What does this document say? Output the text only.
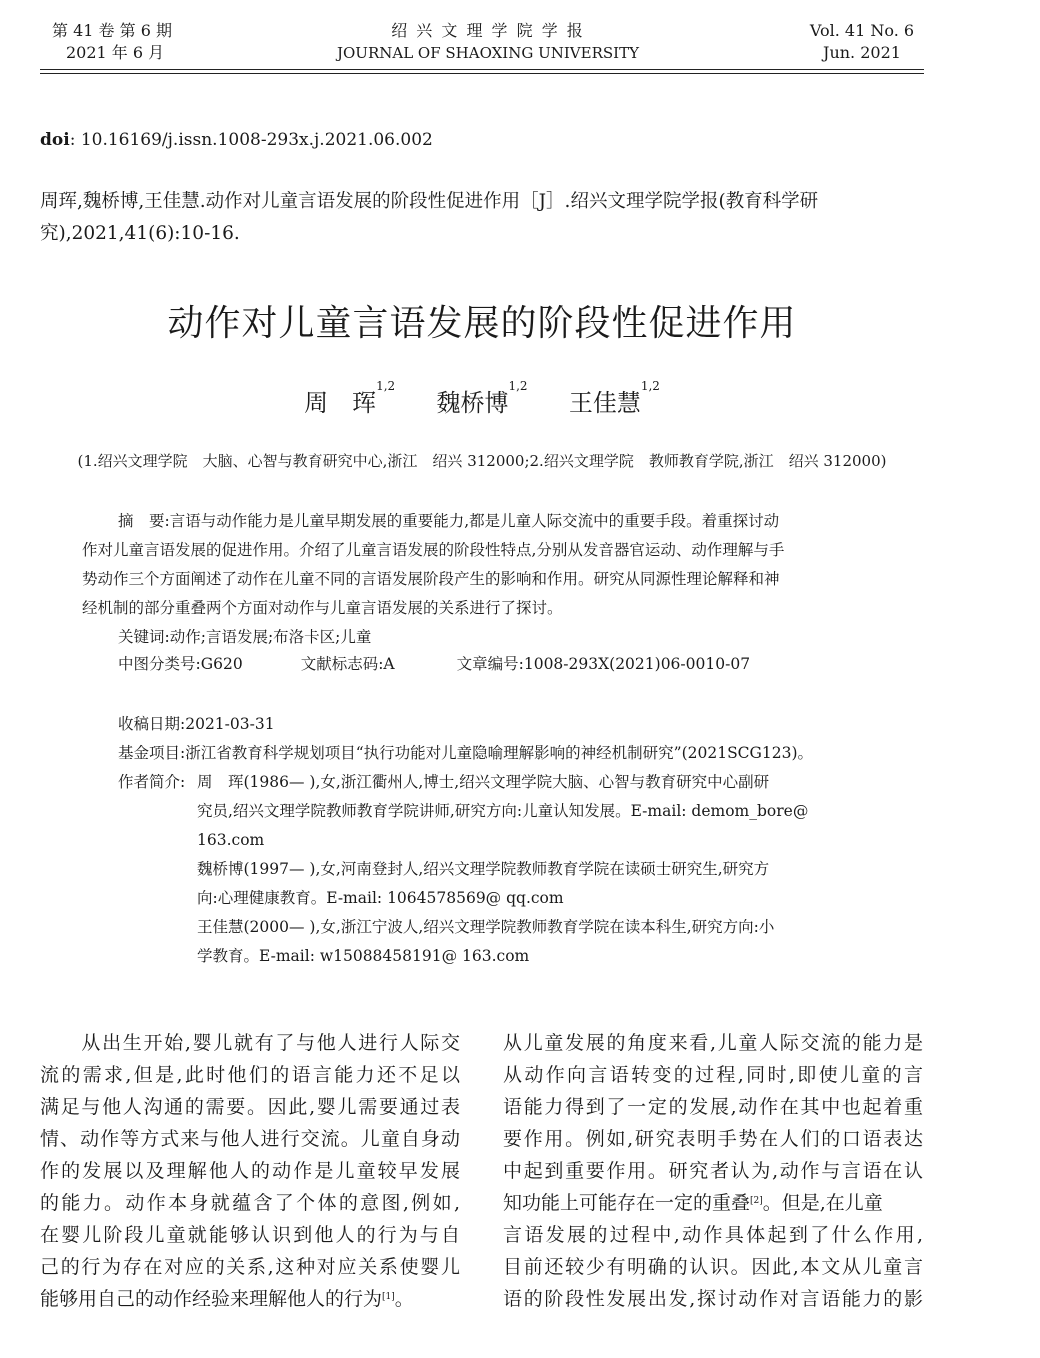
第 41 卷 第 6 期
2021 年 6 月
绍 兴 文 理 学 院 学 报
JOURNAL OF SHAOXING UNIVERSITY
Vol. 41 No. 6
Jun. 2021
doi: 10.16169/j.issn.1008-293x.j.2021.06.002
周珲,魏桥博,王佳慧.动作对儿童言语发展的阶段性促进作用［J］.绍兴文理学院学报(教育科学研
究),2021,41(6):10-16.
动作对儿童言语发展的阶段性促进作用
周　珲$^{1,2}$  魏桥博$^{1,2}$  王佳慧$^{1,2}$
(1.绍兴文理学院　大脑、心智与教育研究中心,浙江　绍兴 312000;2.绍兴文理学院　教师教育学院,浙江　绍兴 312000)
摘　要:言语与动作能力是儿童早期发展的重要能力,都是儿童人际交流中的重要手段。着重探讨动
作对儿童言语发展的促进作用。介绍了儿童言语发展的阶段性特点,分别从发音器官运动、动作理解与手
势动作三个方面阐述了动作在儿童不同的言语发展阶段产生的影响和作用。研究从同源性理论解释和神
经机制的部分重叠两个方面对动作与儿童言语发展的关系进行了探讨。
关键词:动作;言语发展;布洛卡区;儿童
中图分类号:G620	文献标志码:A	文章编号:1008-293X(2021)06-0010-07
收稿日期:2021-03-31
基金项目:浙江省教育科学规划项目“执行功能对儿童隐喻理解影响的神经机制研究”(2021SCG123)。
作者简介: 周　珲(1986— ),女,浙江衢州人,博士,绍兴文理学院大脑、心智与教育研究中心副研
究员,绍兴文理学院教师教育学院讲师,研究方向:儿童认知发展。E-mail: demom_bore@
163.com
魏桥博(1997— ),女,河南登封人,绍兴文理学院教师教育学院在读硕士研究生,研究方
向:心理健康教育。E-mail: 1064578569@ qq.com
王佳慧(2000— ),女,浙江宁波人,绍兴文理学院教师教育学院在读本科生,研究方向:小
学教育。E-mail: w15088458191@ 163.com
　　从出生开始,婴儿就有了与他人进行人际交
流的需求,但是,此时他们的语言能力还不足以
满足与他人沟通的需要。因此,婴儿需要通过表
情、动作等方式来与他人进行交流。儿童自身动
作的发展以及理解他人的动作是儿童较早发展
的能力。动作本身就蕴含了个体的意图,例如,
在婴儿阶段儿童就能够认识到他人的行为与自
己的行为存在对应的关系,这种对应关系使婴儿
能够用自己的动作经验来理解他人的行为[1]。
从儿童发展的角度来看,儿童人际交流的能力是
从动作向言语转变的过程,同时,即使儿童的言
语能力得到了一定的发展,动作在其中也起着重
要作用。例如,研究表明手势在人们的口语表达
中起到重要作用。研究者认为,动作与言语在认
知功能上可能存在一定的重叠[2]。但是,在儿童
言语发展的过程中,动作具体起到了什么作用,
目前还较少有明确的认识。因此,本文从儿童言
语的阶段性发展出发,探讨动作对言语能力的影
